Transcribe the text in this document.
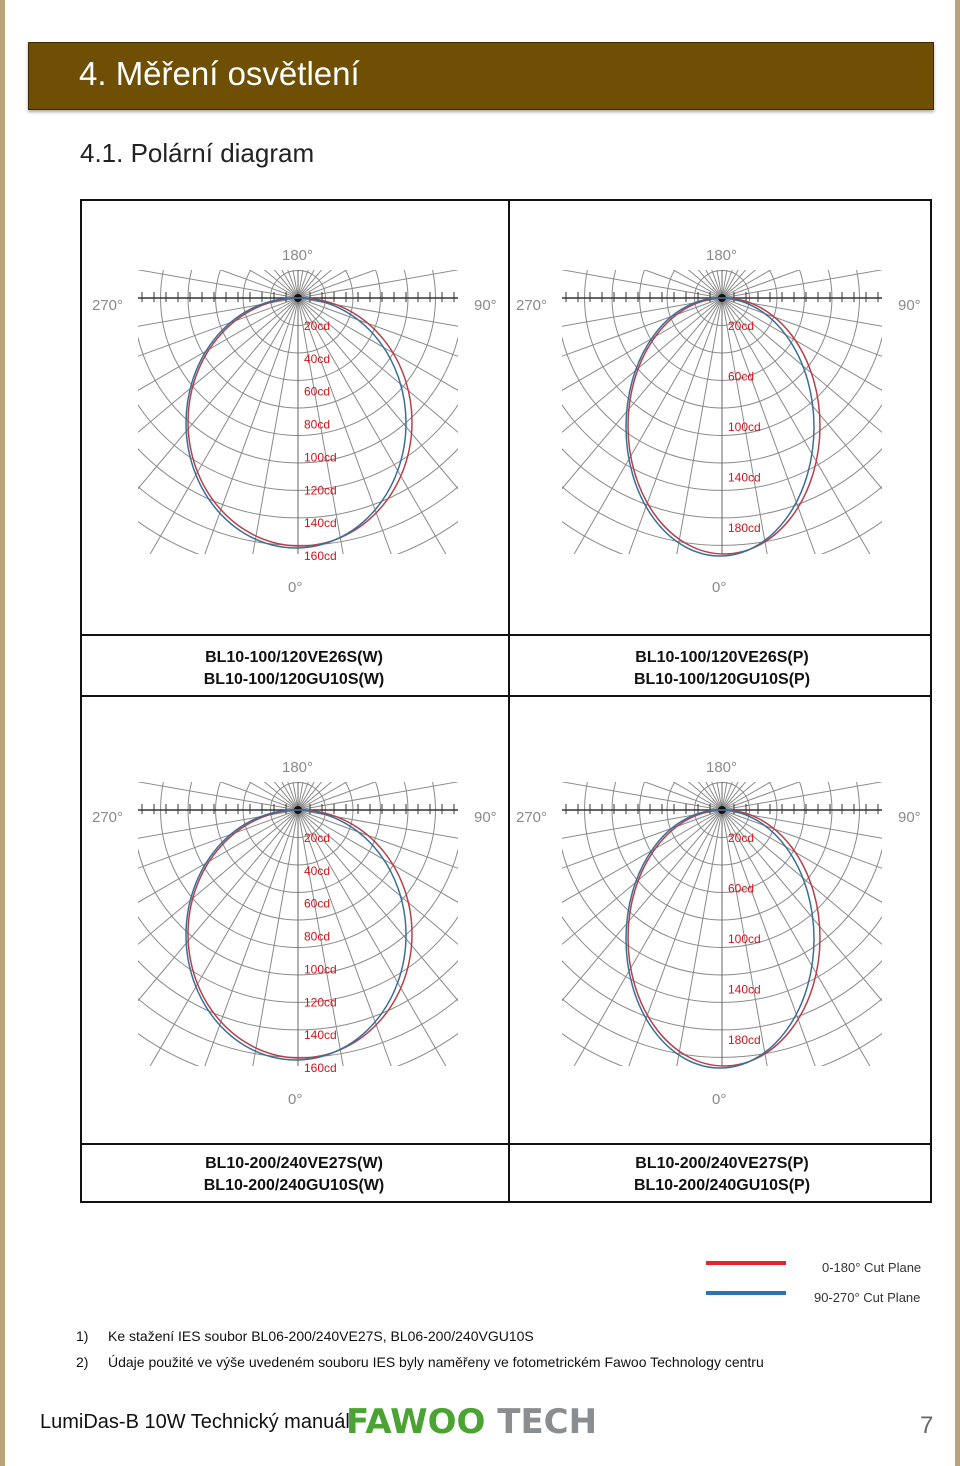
4. Měření osvětlení
4.1. Polární diagram
BL10-100/120VE26S(W)
BL10-100/120GU10S(W)
BL10-100/120VE26S(P)
BL10-100/120GU10S(P)
BL10-200/240VE27S(W)
BL10-200/240GU10S(W)
BL10-200/240VE27S(P)
BL10-200/240GU10S(P)
20cd
40cd
60cd
80cd
100cd
120cd
140cd
160cd
180°
270°	90°
0°
20cd
60cd
100cd
140cd
180cd
180°
270°	90°
0°
20cd
40cd
60cd
80cd
100cd
120cd
140cd
160cd
180°
270°	90°
0°
20cd
60cd
100cd
140cd
180cd
180°
270°	90°
0°
0-180° Cut Plane
90-270° Cut Plane
1) Ke stažení IES soubor BL06-200/240VE27S, BL06-200/240VGU10S
2) Údaje použité ve výše uvedeném souboru IES byly naměřeny ve fotometrickém Fawoo Technology centru
LumiDas-B 10W Technický manuál
FAWOO TECH	7
